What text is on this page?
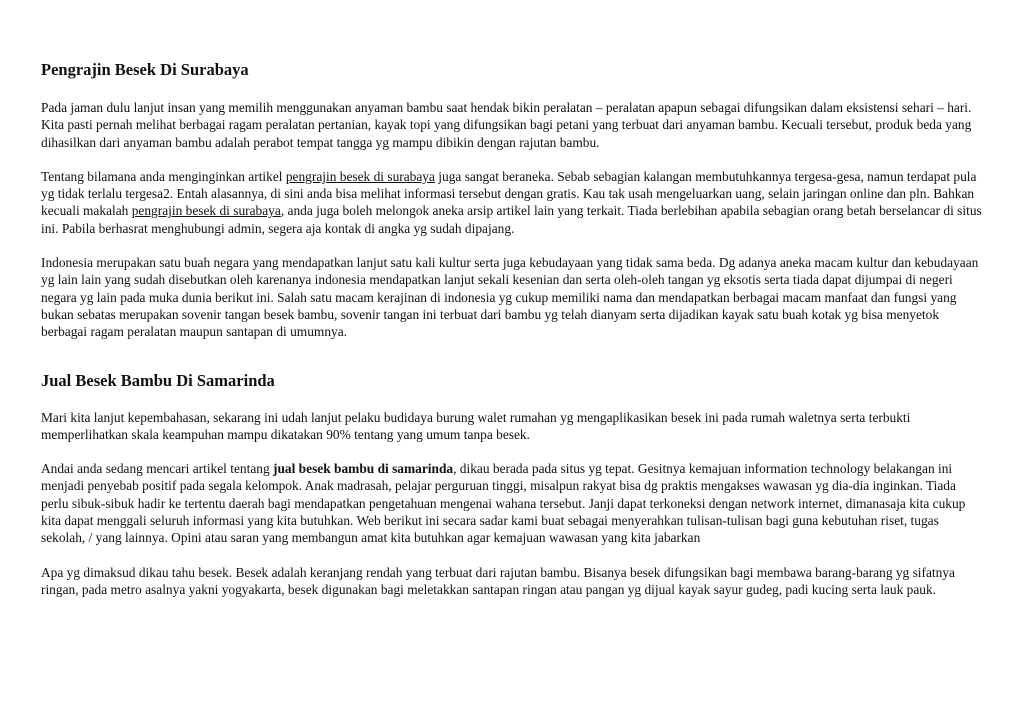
Pengrajin Besek Di Surabaya

Pada jaman dulu lanjut insan yang memilih menggunakan anyaman bambu saat hendak bikin peralatan – peralatan apapun sebagai difungsikan dalam eksistensi sehari – hari. Kita pasti pernah melihat berbagai ragam peralatan pertanian, kayak topi yang difungsikan bagi petani yang terbuat dari anyaman bambu. Kecuali tersebut, produk beda yang dihasilkan dari anyaman bambu adalah perabot tempat tangga yg mampu dibikin dengan rajutan bambu.

Tentang bilamana anda menginginkan artikel pengrajin besek di surabaya juga sangat beraneka. Sebab sebagian kalangan membutuhkannya tergesa-gesa, namun terdapat pula yg tidak terlalu tergesa2. Entah alasannya, di sini anda bisa melihat informasi tersebut dengan gratis. Kau tak usah mengeluarkan uang, selain jaringan online dan pln. Bahkan kecuali makalah pengrajin besek di surabaya, anda juga boleh melongok aneka arsip artikel lain yang terkait. Tiada berlebihan apabila sebagian orang betah berselancar di situs ini. Pabila berhasrat menghubungi admin, segera aja kontak di angka yg sudah dipajang.

Indonesia merupakan satu buah negara yang mendapatkan lanjut satu kali kultur serta juga kebudayaan yang tidak sama beda. Dg adanya aneka macam kultur dan kebudayaan yg lain lain yang sudah disebutkan oleh karenanya indonesia mendapatkan lanjut sekali kesenian dan serta oleh-oleh tangan yg eksotis serta tiada dapat dijumpai di negeri negara yg lain pada muka dunia berikut ini. Salah satu macam kerajinan di indonesia yg cukup memiliki nama dan mendapatkan berbagai macam manfaat dan fungsi yang bukan sebatas merupakan sovenir tangan besek bambu, sovenir tangan ini terbuat dari bambu yg telah dianyam serta dijadikan kayak satu buah kotak yg bisa menyetok berbagai ragam peralatan maupun santapan di umumnya.

Jual Besek Bambu Di Samarinda

Mari kita lanjut kepembahasan, sekarang ini udah lanjut pelaku budidaya burung walet rumahan yg mengaplikasikan besek ini pada rumah waletnya serta terbukti memperlihatkan skala keampuhan mampu dikatakan 90% tentang yang umum tanpa besek.

Andai anda sedang mencari artikel tentang jual besek bambu di samarinda, dikau berada pada situs yg tepat. Gesitnya kemajuan information technology belakangan ini menjadi penyebab positif pada segala kelompok. Anak madrasah, pelajar perguruan tinggi, misalpun rakyat bisa dg praktis mengakses wawasan yg dia-dia inginkan. Tiada perlu sibuk-sibuk hadir ke tertentu daerah bagi mendapatkan pengetahuan mengenai wahana tersebut. Janji dapat terkoneksi dengan network internet, dimanasaja kita cukup kita dapat menggali seluruh informasi yang kita butuhkan. Web berikut ini secara sadar kami buat sebagai menyerahkan tulisan-tulisan bagi guna kebutuhan riset, tugas sekolah, / yang lainnya. Opini atau saran yang membangun amat kita butuhkan agar kemajuan wawasan yang kita jabarkan

Apa yg dimaksud dikau tahu besek. Besek adalah keranjang rendah yang terbuat dari rajutan bambu. Bisanya besek difungsikan bagi membawa barang-barang yg sifatnya ringan, pada metro asalnya yakni yogyakarta, besek digunakan bagi meletakkan santapan ringan atau pangan yg dijual kayak sayur gudeg, padi kucing serta lauk pauk.
